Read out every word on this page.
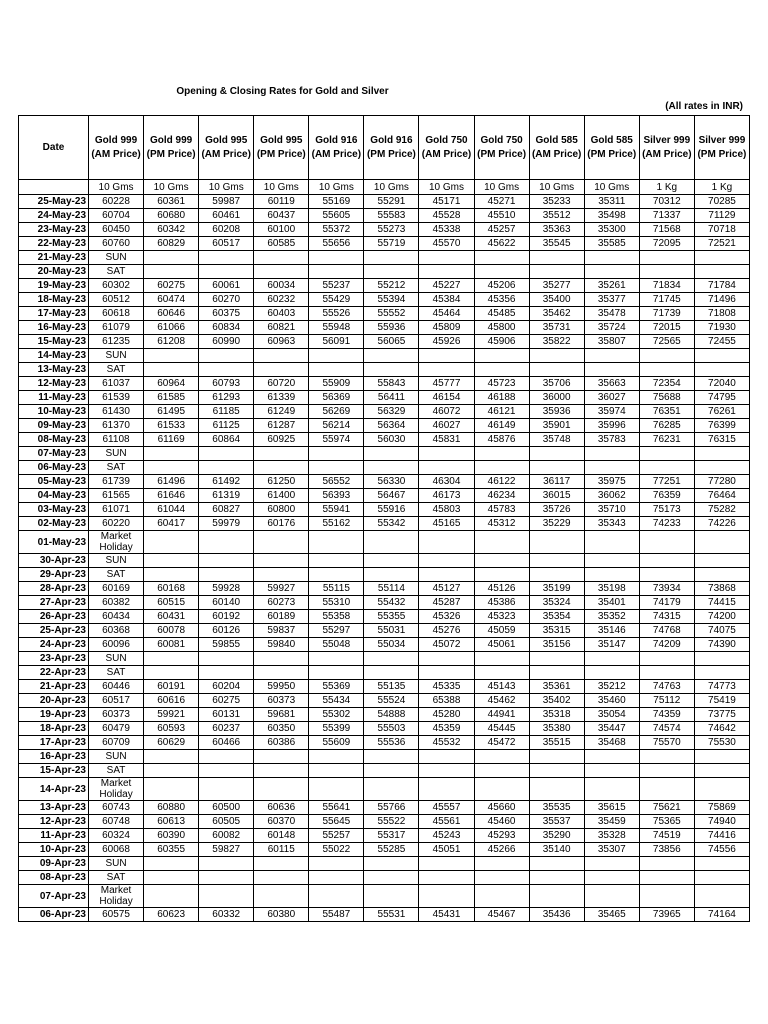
Opening & Closing Rates for Gold and Silver
(All rates in INR)
Date	Gold 999 (AM Price)	Gold 999 (PM Price)	Gold 995 (AM Price)	Gold 995 (PM Price)	Gold 916 (AM Price)	Gold 916 (PM Price)	Gold 750 (AM Price)	Gold 750 (PM Price)	Gold 585 (AM Price)	Gold 585 (PM Price)	Silver 999 (AM Price)	Silver 999 (PM Price)
	10 Gms	10 Gms	10 Gms	10 Gms	10 Gms	10 Gms	10 Gms	10 Gms	10 Gms	10 Gms	1 Kg	1 Kg
25-May-23	60228	60361	59987	60119	55169	55291	45171	45271	35233	35311	70312	70285
24-May-23	60704	60680	60461	60437	55605	55583	45528	45510	35512	35498	71337	71129
23-May-23	60450	60342	60208	60100	55372	55273	45338	45257	35363	35300	71568	70718
22-May-23	60760	60829	60517	60585	55656	55719	45570	45622	35545	35585	72095	72521
21-May-23	SUN											
20-May-23	SAT											
19-May-23	60302	60275	60061	60034	55237	55212	45227	45206	35277	35261	71834	71784
18-May-23	60512	60474	60270	60232	55429	55394	45384	45356	35400	35377	71745	71496
17-May-23	60618	60646	60375	60403	55526	55552	45464	45485	35462	35478	71739	71808
16-May-23	61079	61066	60834	60821	55948	55936	45809	45800	35731	35724	72015	71930
15-May-23	61235	61208	60990	60963	56091	56065	45926	45906	35822	35807	72565	72455
14-May-23	SUN											
13-May-23	SAT											
12-May-23	61037	60964	60793	60720	55909	55843	45777	45723	35706	35663	72354	72040
11-May-23	61539	61585	61293	61339	56369	56411	46154	46188	36000	36027	75688	74795
10-May-23	61430	61495	61185	61249	56269	56329	46072	46121	35936	35974	76351	76261
09-May-23	61370	61533	61125	61287	56214	56364	46027	46149	35901	35996	76285	76399
08-May-23	61108	61169	60864	60925	55974	56030	45831	45876	35748	35783	76231	76315
07-May-23	SUN											
06-May-23	SAT											
05-May-23	61739	61496	61492	61250	56552	56330	46304	46122	36117	35975	77251	77280
04-May-23	61565	61646	61319	61400	56393	56467	46173	46234	36015	36062	76359	76464
03-May-23	61071	61044	60827	60800	55941	55916	45803	45783	35726	35710	75173	75282
02-May-23	60220	60417	59979	60176	55162	55342	45165	45312	35229	35343	74233	74226
01-May-23	Market Holiday											
30-Apr-23	SUN											
29-Apr-23	SAT											
28-Apr-23	60169	60168	59928	59927	55115	55114	45127	45126	35199	35198	73934	73868
27-Apr-23	60382	60515	60140	60273	55310	55432	45287	45386	35324	35401	74179	74415
26-Apr-23	60434	60431	60192	60189	55358	55355	45326	45323	35354	35352	74315	74200
25-Apr-23	60368	60078	60126	59837	55297	55031	45276	45059	35315	35146	74768	74075
24-Apr-23	60096	60081	59855	59840	55048	55034	45072	45061	35156	35147	74209	74390
23-Apr-23	SUN											
22-Apr-23	SAT											
21-Apr-23	60446	60191	60204	59950	55369	55135	45335	45143	35361	35212	74763	74773
20-Apr-23	60517	60616	60275	60373	55434	55524	65388	45462	35402	35460	75112	75419
19-Apr-23	60373	59921	60131	59681	55302	54888	45280	44941	35318	35054	74359	73775
18-Apr-23	60479	60593	60237	60350	55399	55503	45359	45445	35380	35447	74574	74642
17-Apr-23	60709	60629	60466	60386	55609	55536	45532	45472	35515	35468	75570	75530
16-Apr-23	SUN											
15-Apr-23	SAT											
14-Apr-23	Market Holiday											
13-Apr-23	60743	60880	60500	60636	55641	55766	45557	45660	35535	35615	75621	75869
12-Apr-23	60748	60613	60505	60370	55645	55522	45561	45460	35537	35459	75365	74940
11-Apr-23	60324	60390	60082	60148	55257	55317	45243	45293	35290	35328	74519	74416
10-Apr-23	60068	60355	59827	60115	55022	55285	45051	45266	35140	35307	73856	74556
09-Apr-23	SUN											
08-Apr-23	SAT											
07-Apr-23	Market Holiday											
06-Apr-23	60575	60623	60332	60380	55487	55531	45431	45467	35436	35465	73965	74164
